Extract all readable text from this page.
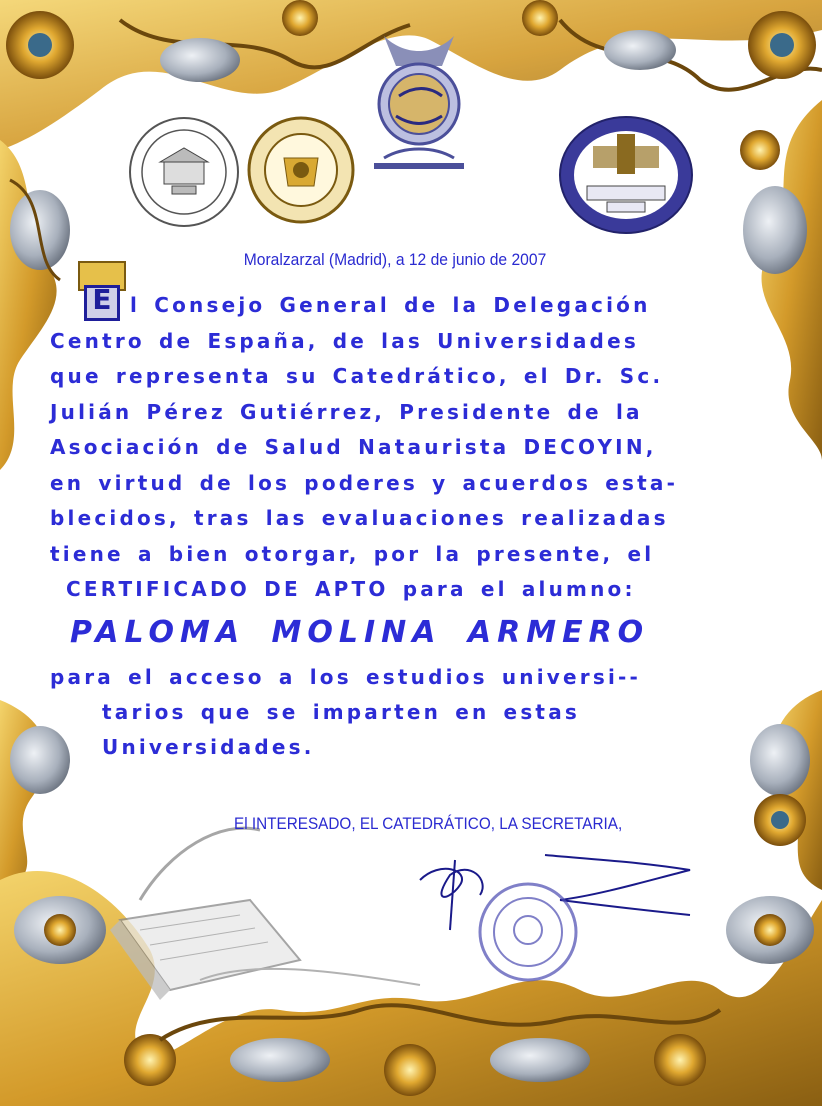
Moralzarzal (Madrid), a 12 de junio de 2007
E l Consejo General de la Delegación
Centro de España, de las Universidades
que representa su Catedrático, el Dr. Sc.
Julián Pérez Gutiérrez, Presidente de la
Asociación de Salud Nataurista DECOYIN,
en virtud de los poderes y acuerdos esta-
blecidos, tras las evaluaciones realizadas
tiene a bien otorgar, por la presente, el
CERTIFICADO DE APTO para el alumno:
PALOMA MOLINA ARMERO
para el acceso a los estudios universi--
tarios que se imparten en estas
Universidades.
El INTERESADO, EL CATEDRÁTICO, LA SECRETARIA,
